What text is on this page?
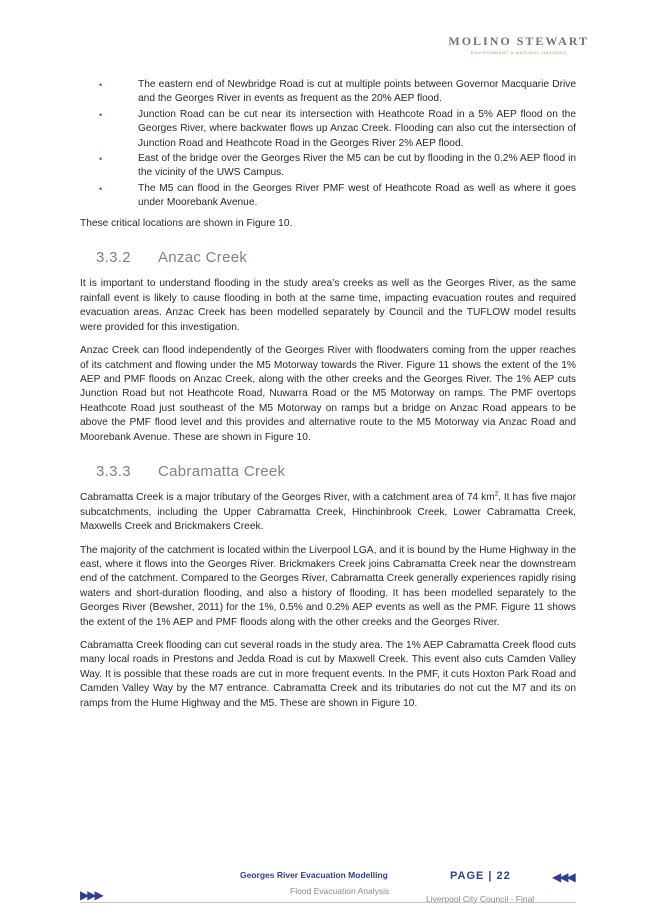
MOLINO STEWART
ENVIRONMENT & NATURAL HAZARDS
•	The eastern end of Newbridge Road is cut at multiple points between Governor Macquarie Drive and the Georges River in events as frequent as the 20% AEP flood.
•	Junction Road can be cut near its intersection with Heathcote Road in a 5% AEP flood on the Georges River, where backwater flows up Anzac Creek. Flooding can also cut the intersection of Junction Road and Heathcote Road in the Georges River 2% AEP flood.
•	East of the bridge over the Georges River the M5 can be cut by flooding in the 0.2% AEP flood in the vicinity of the UWS Campus.
•	The M5 can flood in the Georges River PMF west of Heathcote Road as well as where it goes under Moorebank Avenue.

These critical locations are shown in Figure 10.

3.3.2 Anzac Creek

It is important to understand flooding in the study area’s creeks as well as the Georges River, as the same rainfall event is likely to cause flooding in both at the same time, impacting evacuation routes and required evacuation areas. Anzac Creek has been modelled separately by Council and the TUFLOW model results were provided for this investigation.

Anzac Creek can flood independently of the Georges River with floodwaters coming from the upper reaches of its catchment and flowing under the M5 Motorway towards the River. Figure 11 shows the extent of the 1% AEP and PMF floods on Anzac Creek, along with the other creeks and the Georges River. The 1% AEP cuts Junction Road but not Heathcote Road, Nuwarra Road or the M5 Motorway on ramps. The PMF overtops Heathcote Road just southeast of the M5 Motorway on ramps but a bridge on Anzac Road appears to be above the PMF flood level and this provides and alternative route to the M5 Motorway via Anzac Road and Moorebank Avenue. These are shown in Figure 10.

3.3.3 Cabramatta Creek

Cabramatta Creek is a major tributary of the Georges River, with a catchment area of 74 $km^2$. It has five major subcatchments, including the Upper Cabramatta Creek, Hinchinbrook Creek, Lower Cabramatta Creek, Maxwells Creek and Brickmakers Creek.

The majority of the catchment is located within the Liverpool LGA, and it is bound by the Hume Highway in the east, where it flows into the Georges River. Brickmakers Creek joins Cabramatta Creek near the downstream end of the catchment. Compared to the Georges River, Cabramatta Creek generally experiences rapidly rising waters and short-duration flooding, and also a history of flooding. It has been modelled separately to the Georges River (Bewsher, 2011) for the 1%, 0.5% and 0.2% AEP events as well as the PMF. Figure 11 shows the extent of the 1% AEP and PMF floods along with the other creeks and the Georges River.

Cabramatta Creek flooding can cut several roads in the study area. The 1% AEP Cabramatta Creek flood cuts many local roads in Prestons and Jedda Road is cut by Maxwell Creek. This event also cuts Camden Valley Way. It is possible that these roads are cut in more frequent events. In the PMF, it cuts Hoxton Park Road and Camden Valley Way by the M7 entrance. Cabramatta Creek and its tributaries do not cut the M7 and its on ramps from the Hume Highway and the M5. These are shown in Figure 10.

▶▶▶
Georges River Evacuation Modelling
Flood Evacuation Analysis
PAGE | 22	◀◀◀
Liverpool City Council - Final
